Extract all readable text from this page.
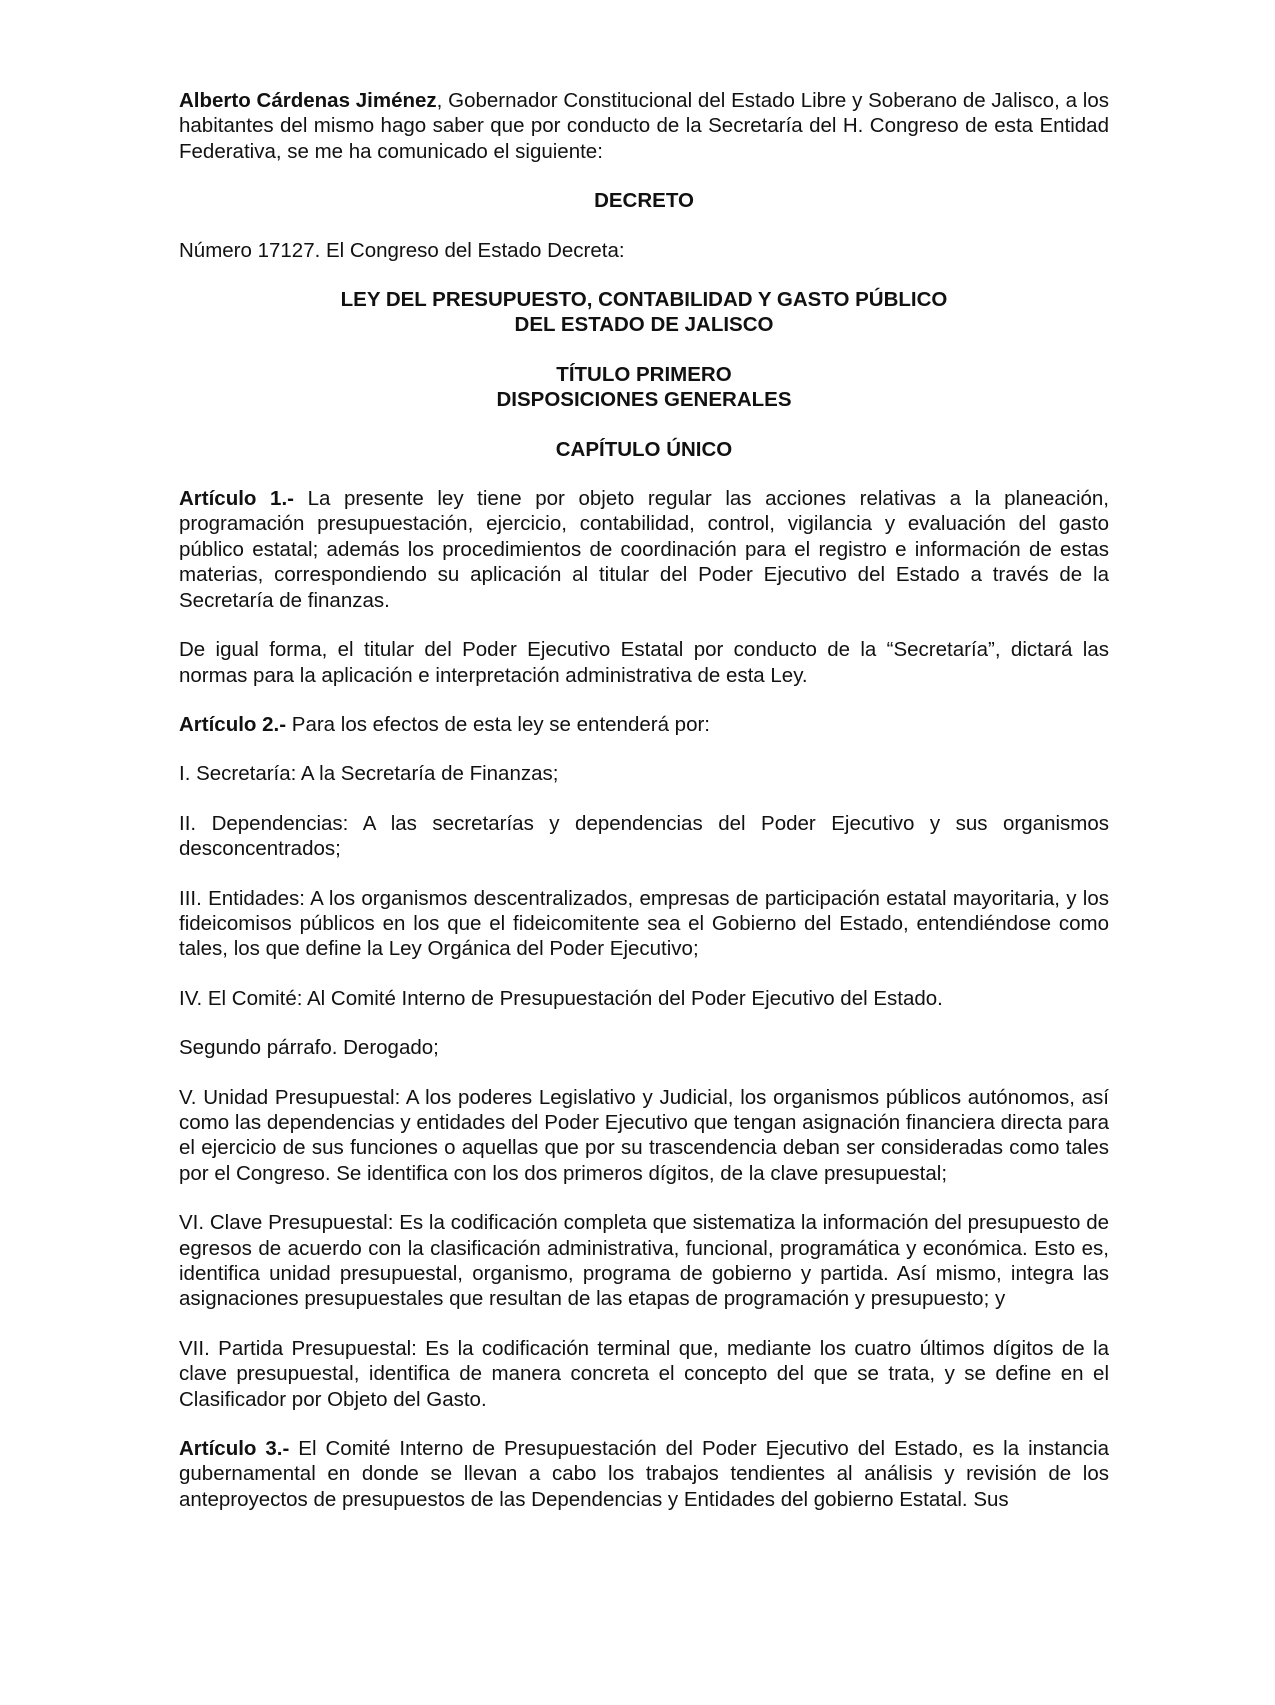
Alberto Cárdenas Jiménez, Gobernador Constitucional del Estado Libre y Soberano de Jalisco, a los habitantes del mismo hago saber que por conducto de la Secretaría del H. Congreso de esta Entidad Federativa, se me ha comunicado el siguiente:

DECRETO

Número 17127. El Congreso del Estado Decreta:

LEY DEL PRESUPUESTO, CONTABILIDAD Y GASTO PÚBLICO

DEL ESTADO DE JALISCO

TÍTULO PRIMERO

DISPOSICIONES GENERALES

CAPÍTULO ÚNICO

Artículo 1.- La presente ley tiene por objeto regular las acciones relativas a la planeación, programación presupuestación, ejercicio, contabilidad, control, vigilancia y evaluación del gasto público estatal; además los procedimientos de coordinación para el registro e información de estas materias, correspondiendo su aplicación al titular del Poder Ejecutivo del Estado a través de la Secretaría de finanzas.

De igual forma, el titular del Poder Ejecutivo Estatal por conducto de la “Secretaría”, dictará las normas para la aplicación e interpretación administrativa de esta Ley.

Artículo 2.- Para los efectos de esta ley se entenderá por:

I. Secretaría: A la Secretaría de Finanzas;

II. Dependencias: A las secretarías y dependencias del Poder Ejecutivo y sus organismos desconcentrados;

III. Entidades: A los organismos descentralizados, empresas de participación estatal mayoritaria, y los fideicomisos públicos en los que el fideicomitente sea el Gobierno del Estado, entendiéndose como tales, los que define la Ley Orgánica del Poder Ejecutivo;

IV. El Comité: Al Comité Interno de Presupuestación del Poder Ejecutivo del Estado.

Segundo párrafo. Derogado;

V. Unidad Presupuestal: A los poderes Legislativo y Judicial, los organismos públicos autónomos, así como las dependencias y entidades del Poder Ejecutivo que tengan asignación financiera directa para el ejercicio de sus funciones o aquellas que por su trascendencia deban ser consideradas como tales por el Congreso. Se identifica con los dos primeros dígitos, de la clave presupuestal;

VI. Clave Presupuestal: Es la codificación completa que sistematiza la información del presupuesto de egresos de acuerdo con la clasificación administrativa, funcional, programática y económica. Esto es, identifica unidad presupuestal, organismo, programa de gobierno y partida. Así mismo, integra las asignaciones presupuestales que resultan de las etapas de programación y presupuesto; y

VII. Partida Presupuestal: Es la codificación terminal que, mediante los cuatro últimos dígitos de la clave presupuestal, identifica de manera concreta el concepto del que se trata, y se define en el Clasificador por Objeto del Gasto.

Artículo 3.- El Comité Interno de Presupuestación del Poder Ejecutivo del Estado, es la instancia gubernamental en donde se llevan a cabo los trabajos tendientes al análisis y revisión de los anteproyectos de presupuestos de las Dependencias y Entidades del gobierno Estatal. Sus
